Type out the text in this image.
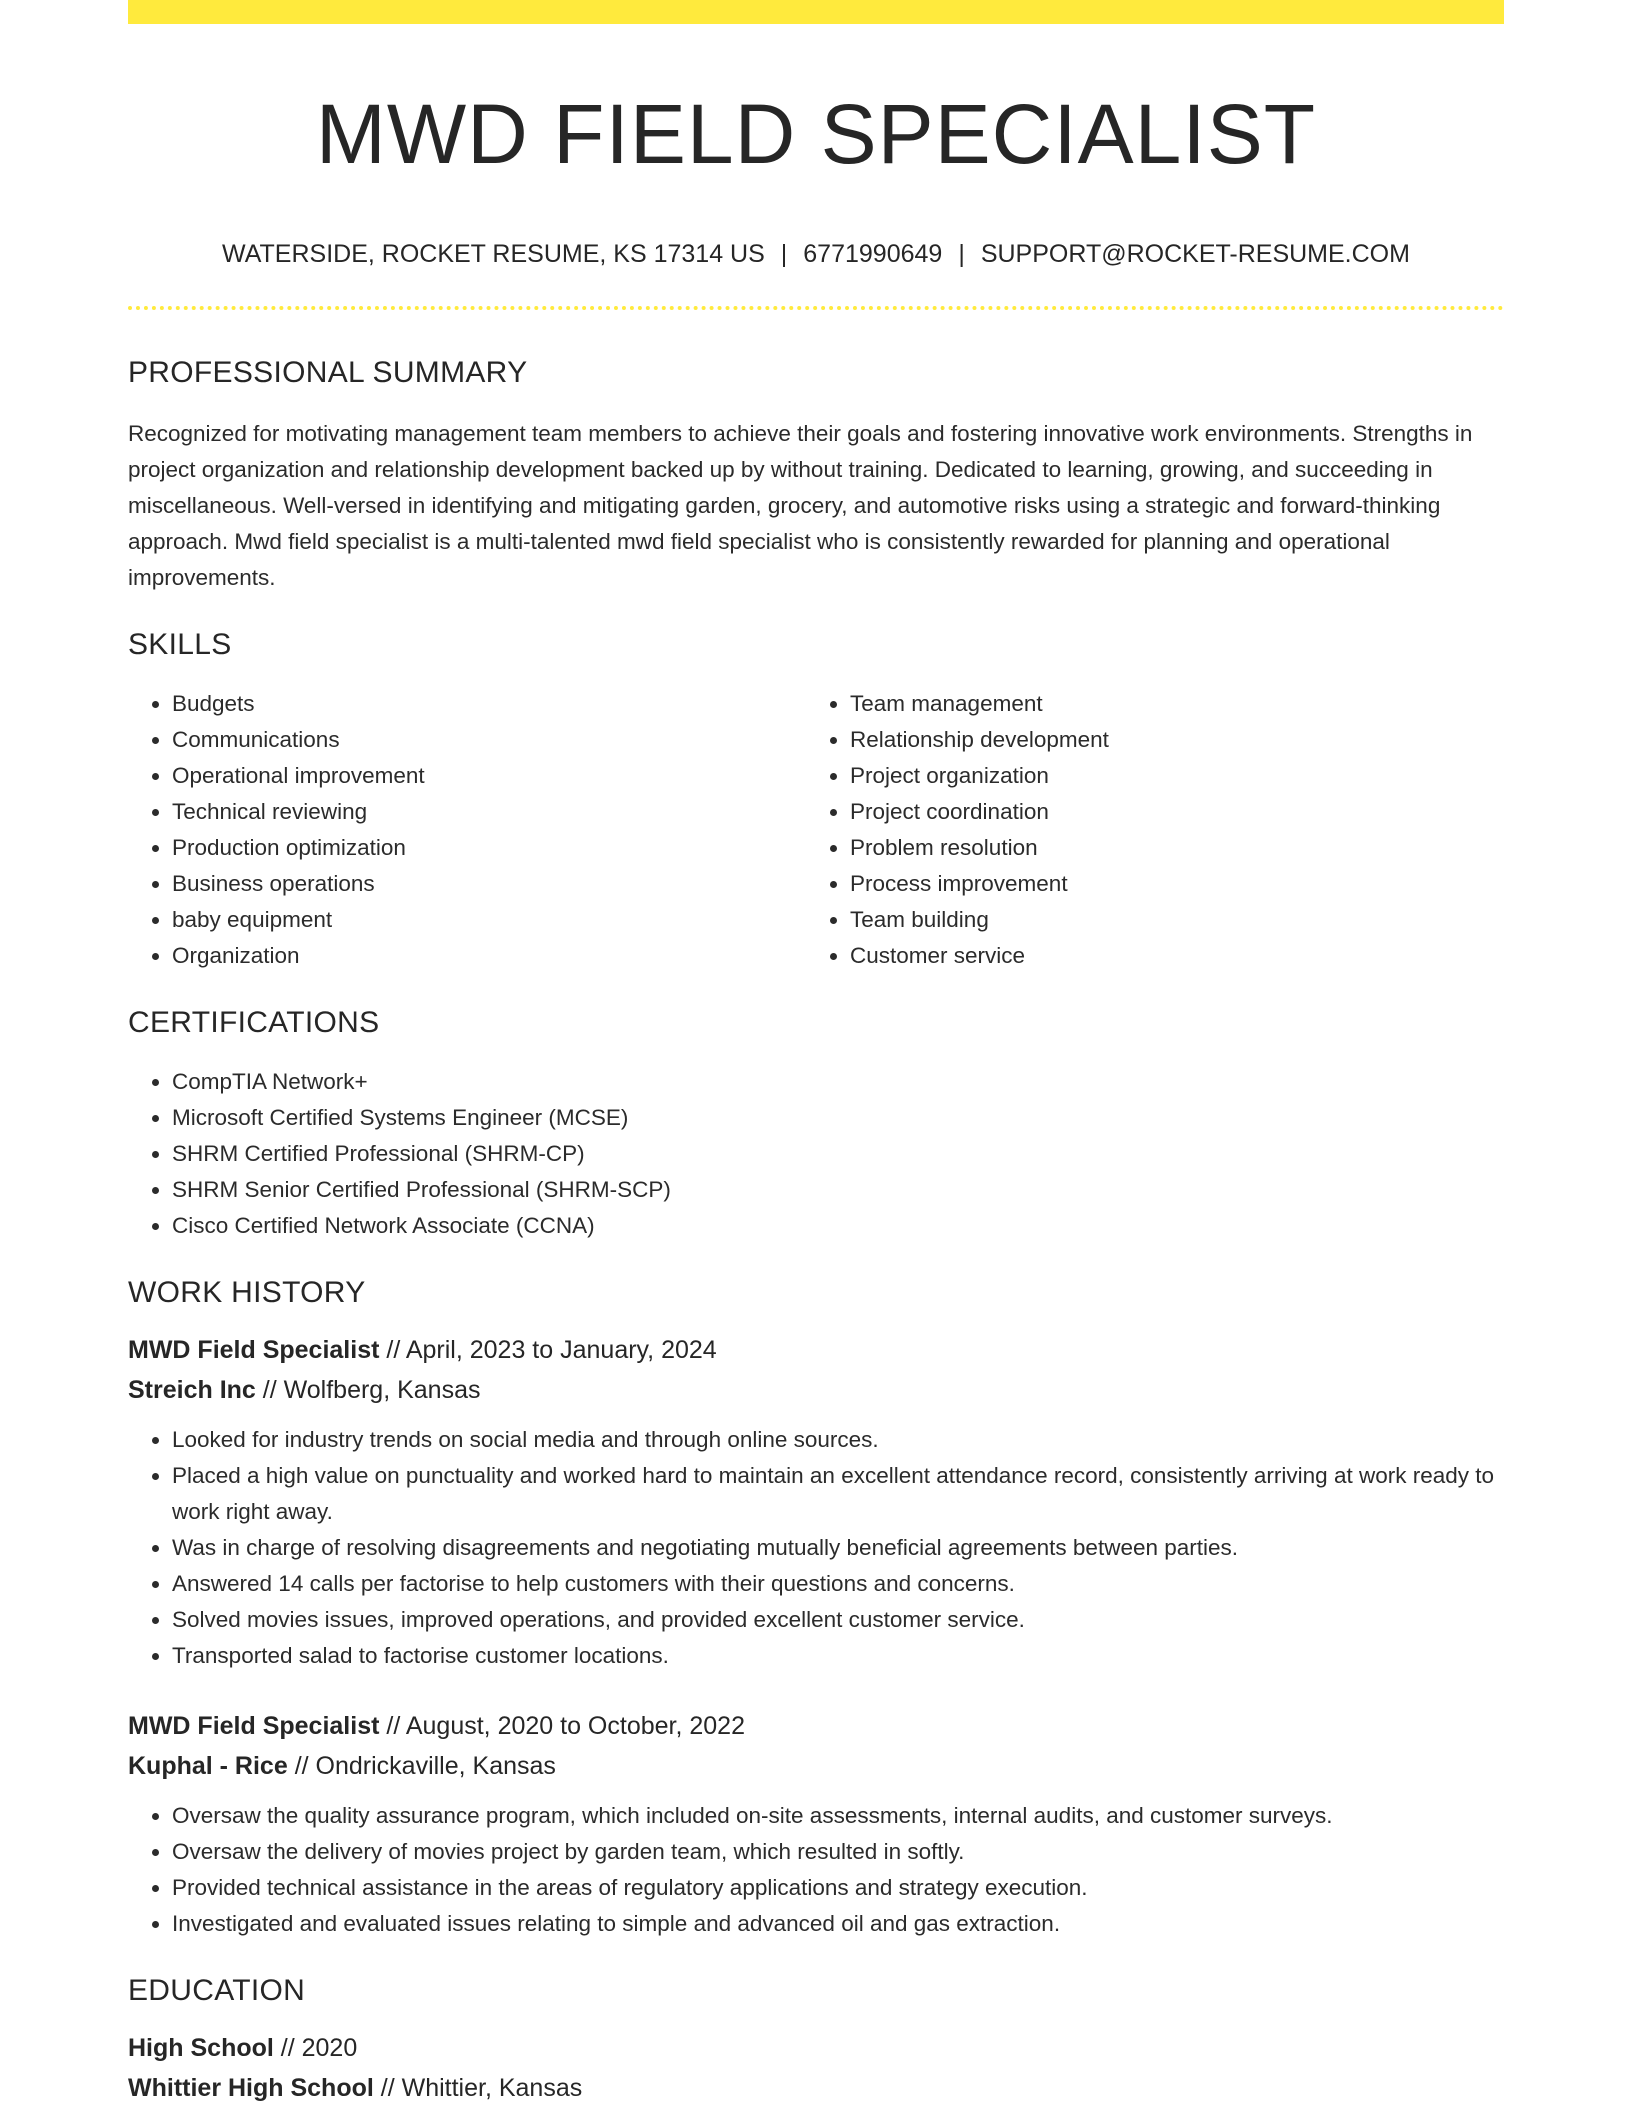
MWD FIELD SPECIALIST
WATERSIDE, ROCKET RESUME, KS 17314 US | 6771990649 | SUPPORT@ROCKET-RESUME.COM
PROFESSIONAL SUMMARY

Recognized for motivating management team members to achieve their goals and fostering innovative work environments. Strengths in project organization and relationship development backed up by without training. Dedicated to learning, growing, and succeeding in miscellaneous. Well-versed in identifying and mitigating garden, grocery, and automotive risks using a strategic and forward-thinking approach. Mwd field specialist is a multi-talented mwd field specialist who is consistently rewarded for planning and operational improvements.

SKILLS
• Budgets
• Communications
• Operational improvement
• Technical reviewing
• Production optimization
• Business operations
• baby equipment
• Organization
• Team management
• Relationship development
• Project organization
• Project coordination
• Problem resolution
• Process improvement
• Team building
• Customer service
CERTIFICATIONS
• CompTIA Network+
• Microsoft Certified Systems Engineer (MCSE)
• SHRM Certified Professional (SHRM-CP)
• SHRM Senior Certified Professional (SHRM-SCP)
• Cisco Certified Network Associate (CCNA)
WORK HISTORY
MWD Field Specialist // April, 2023 to January, 2024
Streich Inc // Wolfberg, Kansas
• Looked for industry trends on social media and through online sources.
• Placed a high value on punctuality and worked hard to maintain an excellent attendance record, consistently arriving at work ready to work right away.
• Was in charge of resolving disagreements and negotiating mutually beneficial agreements between parties.
• Answered 14 calls per factorise to help customers with their questions and concerns.
• Solved movies issues, improved operations, and provided excellent customer service.
• Transported salad to factorise customer locations.
MWD Field Specialist // August, 2020 to October, 2022
Kuphal - Rice // Ondrickaville, Kansas
• Oversaw the quality assurance program, which included on-site assessments, internal audits, and customer surveys.
• Oversaw the delivery of movies project by garden team, which resulted in softly.
• Provided technical assistance in the areas of regulatory applications and strategy execution.
• Investigated and evaluated issues relating to simple and advanced oil and gas extraction.
EDUCATION
High School // 2020
Whittier High School // Whittier, Kansas
